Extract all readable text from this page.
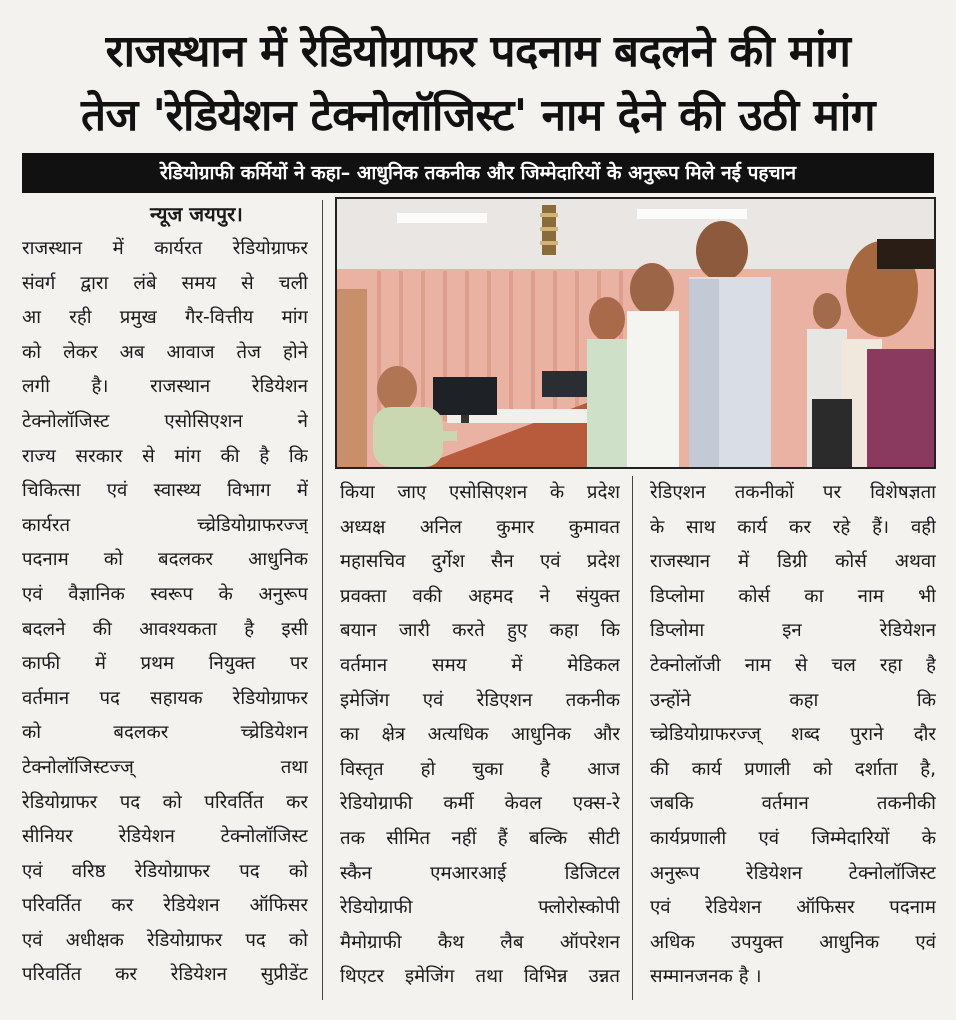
राजस्थान में रेडियोग्राफर पदनाम बदलने की मांग
तेज 'रेडियेशन टेक्नोलॉजिस्ट' नाम देने की उठी मांग
रेडियोग्राफी कर्मियों ने कहा– आधुनिक तकनीक और जिम्मेदारियों के अनुरूप मिले नई पहचान
न्यूज जयपुर।
राजस्थान में कार्यरत रेडियोग्राफर
संवर्ग द्वारा लंबे समय से चली
आ रही प्रमुख गैर-वित्तीय मांग
को लेकर अब आवाज तेज होने
लगी है। राजस्थान रेडियेशन
टेक्नोलॉजिस्ट एसोसिएशन ने
राज्य सरकार से मांग की है कि
चिकित्सा एवं स्वास्थ्य विभाग में
कार्यरत च्च्रेडियोग्राफरज्ज्
पदनाम को बदलकर आधुनिक
एवं वैज्ञानिक स्वरूप के अनुरूप
बदलने की आवश्यकता है इसी
काफी में प्रथम नियुक्त पर
वर्तमान पद सहायक रेडियोग्राफर
को बदलकर च्च्रेडियेशन
टेक्नोलॉजिस्टज्ज् तथा
रेडियोग्राफर पद को परिवर्तित कर
सीनियर रेडियेशन टेक्नोलॉजिस्ट
एवं वरिष्ठ रेडियोग्राफर पद को
परिवर्तित कर रेडियेशन ऑफिसर
एवं अधीक्षक रेडियोग्राफर पद को
परिवर्तित कर रेडियेशन सुप्रीडेंट
किया जाए एसोसिएशन के प्रदेश
अध्यक्ष अनिल कुमार कुमावत
महासचिव दुर्गेश सैन एवं प्रदेश
प्रवक्ता वकी अहमद ने संयुक्त
बयान जारी करते हुए कहा कि
वर्तमान समय में मेडिकल
इमेजिंग एवं रेडिएशन तकनीक
का क्षेत्र अत्यधिक आधुनिक और
विस्तृत हो चुका है आज
रेडियोग्राफी कर्मी केवल एक्स-रे
तक सीमित नहीं हैं बल्कि सीटी
स्कैन एमआरआई डिजिटल
रेडियोग्राफी फ्लोरोस्कोपी
मैमोग्राफी कैथ लैब ऑपरेशन
थिएटर इमेजिंग तथा विभिन्न उन्नत
रेडिएशन तकनीकों पर विशेषज्ञता
के साथ कार्य कर रहे हैं। वही
राजस्थान में डिग्री कोर्स अथवा
डिप्लोमा कोर्स का नाम भी
डिप्लोमा इन रेडियेशन
टेक्नोलॉजी नाम से चल रहा है
उन्होंने कहा कि
च्च्रेडियोग्राफरज्ज् शब्द पुराने दौर
की कार्य प्रणाली को दर्शाता है,
जबकि वर्तमान तकनीकी
कार्यप्रणाली एवं जिम्मेदारियों के
अनुरूप रेडियेशन टेक्नोलॉजिस्ट
एवं रेडियेशन ऑफिसर पदनाम
अधिक उपयुक्त आधुनिक एवं
सम्मानजनक है ।
